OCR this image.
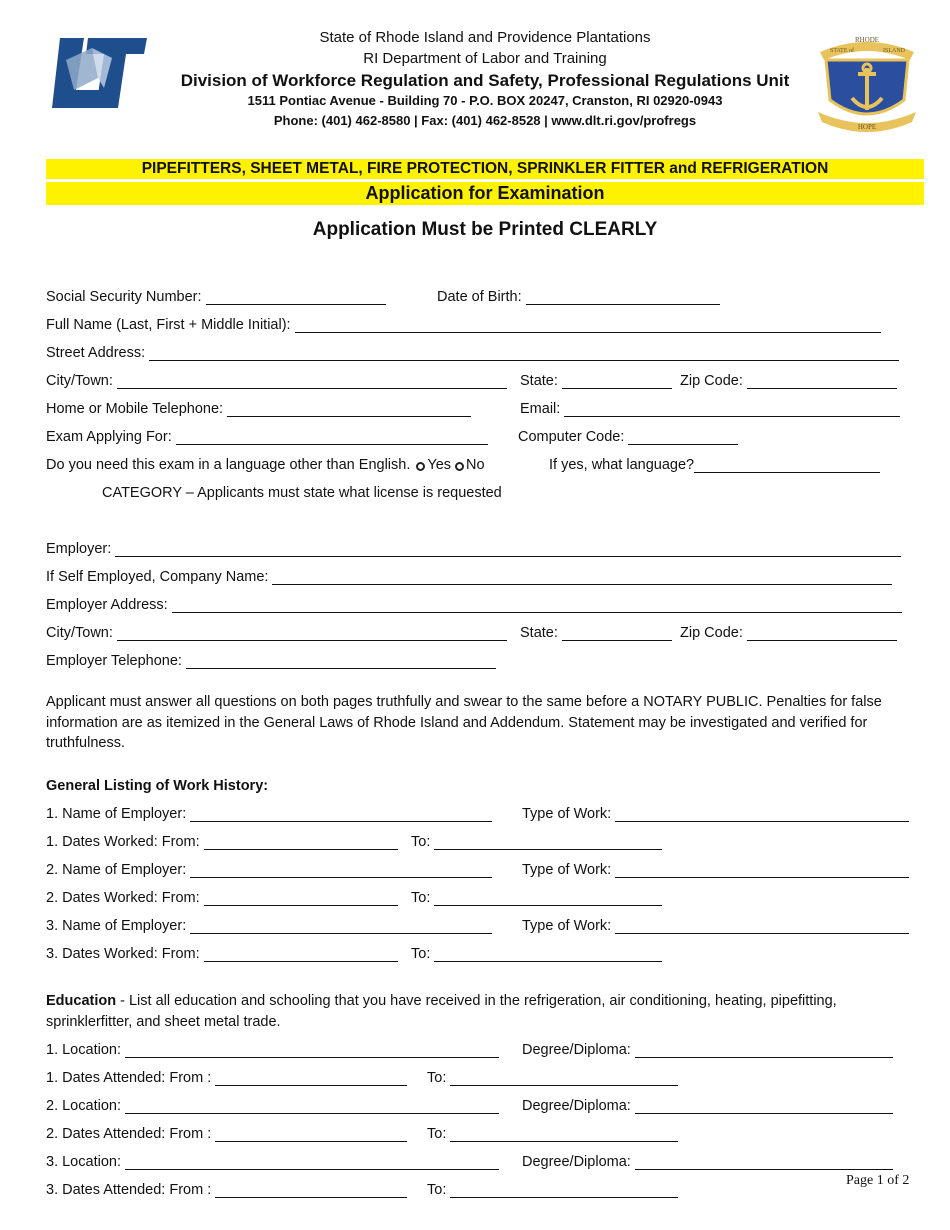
RHODE
STATE of	ISLAND
HOPE
State of Rhode Island and Providence Plantations
RI Department of Labor and Training
Division of Workforce Regulation and Safety, Professional Regulations Unit
1511 Pontiac Avenue - Building 70 - P.O. BOX 20247, Cranston, RI 02920-0943
Phone: (401) 462-8580 | Fax: (401) 462-8528 | www.dlt.ri.gov/profregs
PIPEFITTERS, SHEET METAL, FIRE PROTECTION, SPRINKLER FITTER and REFRIGERATION
Application for Examination
Application Must be Printed CLEARLY
Social Security Number:	Date of Birth:
Full Name (Last, First + Middle Initial):
Street Address:
City/Town:	State:	Zip Code:
Home or Mobile Telephone:	Email:
Exam Applying For:	Computer Code:
Do you need this exam in a language other than English. Yes No	If yes, what language?
CATEGORY – Applicants must state what license is requested
Employer:
If Self Employed, Company Name:
Employer Address:
City/Town:	State:	Zip Code:
Employer Telephone:
Applicant must answer all questions on both pages truthfully and swear to the same before a NOTARY PUBLIC. Penalties for false information are as itemized in the General Laws of Rhode Island and Addendum. Statement may be investigated and verified for truthfulness.
General Listing of Work History:
1. Name of Employer:	Type of Work:
1. Dates Worked: From:	To:
2. Name of Employer:	Type of Work:
2. Dates Worked: From:	To:
3. Name of Employer:	Type of Work:
3. Dates Worked: From:	To:
Education - List all education and schooling that you have received in the refrigeration, air conditioning, heating, pipefitting, sprinklerfitter, and sheet metal trade.
1. Location:	Degree/Diploma:
1. Dates Attended: From :	To:
2. Location:	Degree/Diploma:
2. Dates Attended: From :	To:
3. Location:	Degree/Diploma:
3. Dates Attended: From :	To:
Page 1 of 2
